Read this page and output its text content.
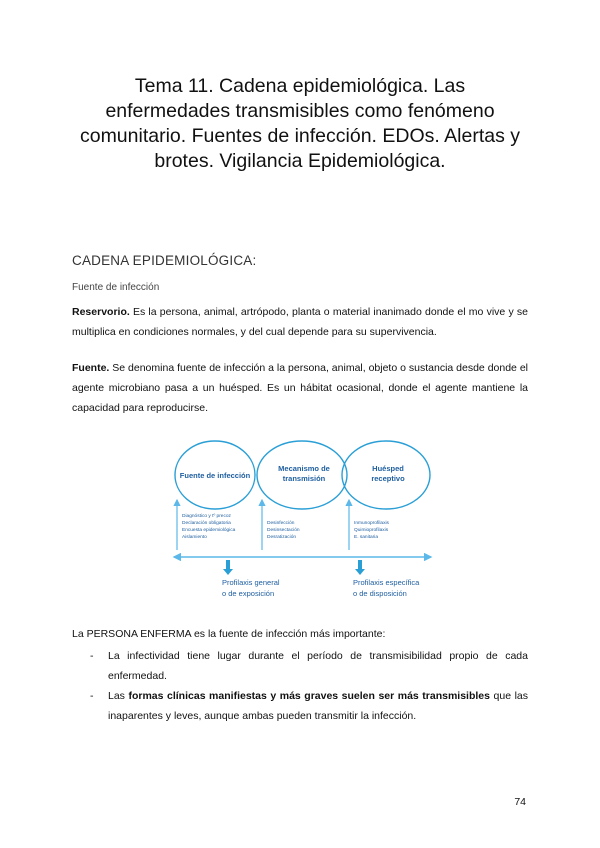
Tema 11. Cadena epidemiológica. Las enfermedades transmisibles como fenómeno comunitario. Fuentes de infección. EDOs. Alertas y brotes. Vigilancia Epidemiológica.
CADENA EPIDEMIOLÓGICA:
Fuente de infección

Reservorio. Es la persona, animal, artrópodo, planta o material inanimado donde el mo vive y se multiplica en condiciones normales, y del cual depende para su supervivencia.

Fuente. Se denomina fuente de infección a la persona, animal, objeto o sustancia desde donde el agente microbiano pasa a un huésped. Es un hábitat ocasional, donde el agente mantiene la capacidad para reproducirse.

Fuente de infección
Mecanismo de
transmisión
Huésped
receptivo
Diagnóstico y tº precoz
Declaración obligatoria
Encuesta epidemiológica
Aislamiento
Desinfección
Desinsectación
Desratización
Inmunoprofilaxis
Quimioprofilaxis
E. sanitaria
Profilaxis general
o de exposición
Profilaxis específica
o de disposición
La PERSONA ENFERMA es la fuente de infección más importante:
- La infectividad tiene lugar durante el período de transmisibilidad propio de cada enfermedad.
- Las formas clínicas manifiestas y más graves suelen ser más transmisibles que las inaparentes y leves, aunque ambas pueden transmitir la infección.
74
